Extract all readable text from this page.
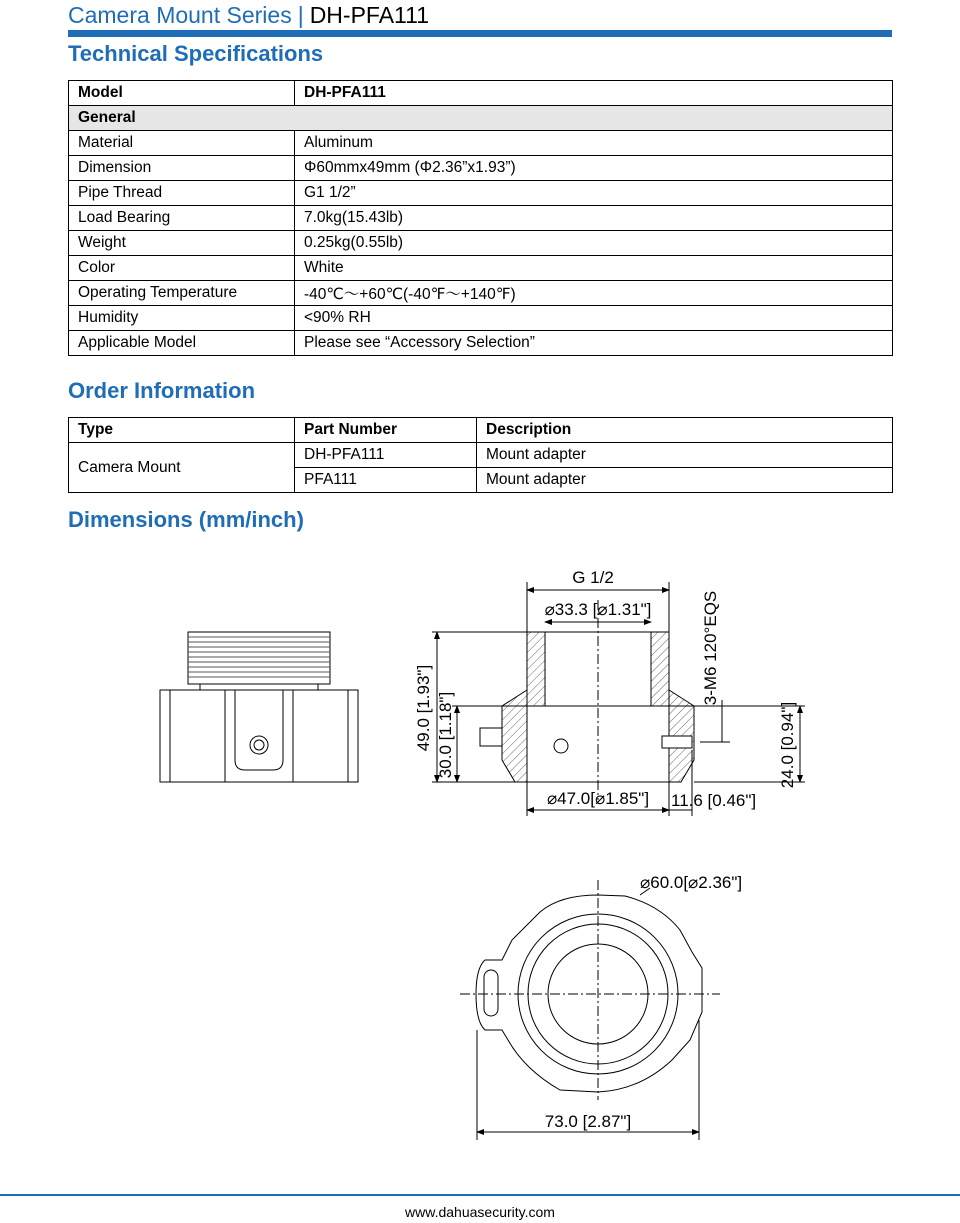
Camera Mount Series | DH-PFA111
Technical Specifications
Model	DH-PFA111
General	
Material	Aluminum
Dimension	Φ60mmx49mm (Φ2.36”x1.93”)
Pipe Thread	G1 1/2”
Load Bearing	7.0kg(15.43lb)
Weight	0.25kg(0.55lb)
Color	White
Operating Temperature	-40℃～+60℃(-40℉～+140℉)
Humidity	<90% RH
Applicable Model	Please see “Accessory Selection”
Order Information
Type	Part Number	Description
Camera Mount	DH-PFA111	Mount adapter
	PFA111	Mount adapter
Dimensions (mm/inch)
G 1/2
⌀33.3 [⌀1.31"]
⌀47.0[⌀1.85"] 11.6 [0.46"]
49.0 [1.93"] 30.0 [1.18"]	24.0 [0.94"]
3-M6 120°EQS
⌀60.0[⌀2.36"]
73.0 [2.87"]
www.dahuasecurity.com
